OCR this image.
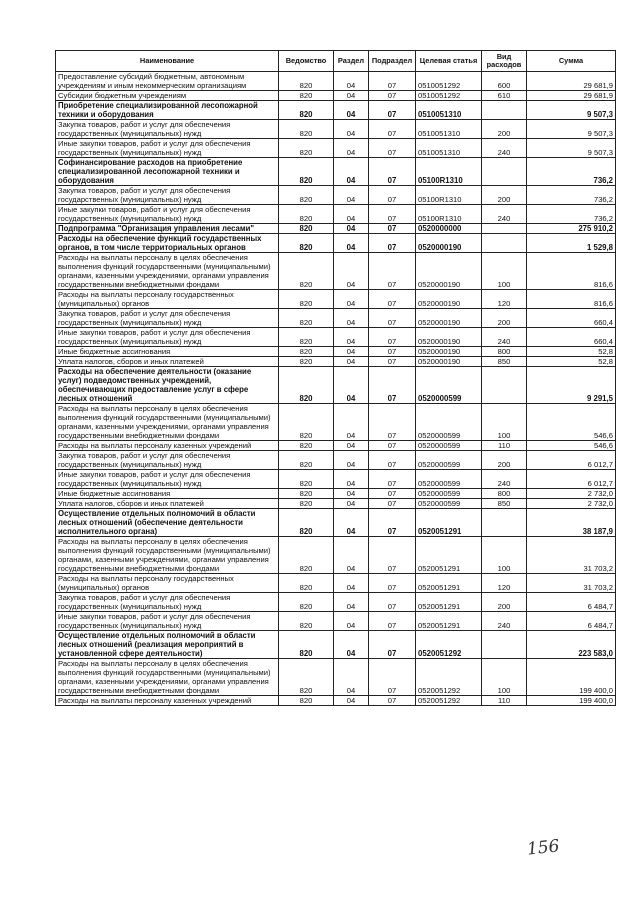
Наименование	Ведомство	Раздел	Подраздел	Целевая статья	Вид расходов	Сумма
Предоставление субсидий бюджетным, автономным учреждениям и иным некоммерческим организациям	820	04	07	0510051292	600	29 681,9
Субсидии бюджетным учреждениям	820	04	07	0510051292	610	29 681,9
Приобретение специализированной лесопожарной техники и оборудования	820	04	07	0510051310		9 507,3
Закупка товаров, работ и услуг для обеспечения государственных (муниципальных) нужд	820	04	07	0510051310	200	9 507,3
Иные закупки товаров, работ и услуг для обеспечения государственных (муниципальных) нужд	820	04	07	0510051310	240	9 507,3
Софинансирование расходов на приобретение специализированной лесопожарной техники и оборудования	820	04	07	05100R1310		736,2
Закупка товаров, работ и услуг для обеспечения государственных (муниципальных) нужд	820	04	07	05100R1310	200	736,2
Иные закупки товаров, работ и услуг для обеспечения государственных (муниципальных) нужд	820	04	07	05100R1310	240	736,2
Подпрограмма "Организация управления лесами"	820	04	07	0520000000		275 910,2
Расходы на обеспечение функций государственных органов, в том числе территориальных органов	820	04	07	0520000190		1 529,8
Расходы на выплаты персоналу в целях обеспечения выполнения функций государственными (муниципальными) органами, казенными учреждениями, органами управления государственными внебюджетными фондами	820	04	07	0520000190	100	816,6
Расходы на выплаты персоналу государственных (муниципальных) органов	820	04	07	0520000190	120	816,6
Закупка товаров, работ и услуг для обеспечения государственных (муниципальных) нужд	820	04	07	0520000190	200	660,4
Иные закупки товаров, работ и услуг для обеспечения государственных (муниципальных) нужд	820	04	07	0520000190	240	660,4
Иные бюджетные ассигнования	820	04	07	0520000190	800	52,8
Уплата налогов, сборов и иных платежей	820	04	07	0520000190	850	52,8
Расходы на обеспечение деятельности (оказание услуг) подведомственных учреждений, обеспечивающих предоставление услуг в сфере лесных отношений	820	04	07	0520000599		9 291,5
Расходы на выплаты персоналу в целях обеспечения выполнения функций государственными (муниципальными) органами, казенными учреждениями, органами управления государственными внебюджетными фондами	820	04	07	0520000599	100	546,6
Расходы на выплаты персоналу казенных учреждений	820	04	07	0520000599	110	546,6
Закупка товаров, работ и услуг для обеспечения государственных (муниципальных) нужд	820	04	07	0520000599	200	6 012,7
Иные закупки товаров, работ и услуг для обеспечения государственных (муниципальных) нужд	820	04	07	0520000599	240	6 012,7
Иные бюджетные ассигнования	820	04	07	0520000599	800	2 732,0
Уплата налогов, сборов и иных платежей	820	04	07	0520000599	850	2 732,0
Осуществление отдельных полномочий в области лесных отношений (обеспечение деятельности исполнительного органа)	820	04	07	0520051291		38 187,9
Расходы на выплаты персоналу в целях обеспечения выполнения функций государственными (муниципальными) органами, казенными учреждениями, органами управления государственными внебюджетными фондами	820	04	07	0520051291	100	31 703,2
Расходы на выплаты персоналу государственных (муниципальных) органов	820	04	07	0520051291	120	31 703,2
Закупка товаров, работ и услуг для обеспечения государственных (муниципальных) нужд	820	04	07	0520051291	200	6 484,7
Иные закупки товаров, работ и услуг для обеспечения государственных (муниципальных) нужд	820	04	07	0520051291	240	6 484,7
Осуществление отдельных полномочий в области лесных отношений (реализация мероприятий в установленной сфере деятельности)	820	04	07	0520051292		223 583,0
Расходы на выплаты персоналу в целях обеспечения выполнения функций государственными (муниципальными) органами, казенными учреждениями, органами управления государственными внебюджетными фондами	820	04	07	0520051292	100	199 400,0
Расходы на выплаты персоналу казенных учреждений	820	04	07	0520051292	110	199 400,0
156
